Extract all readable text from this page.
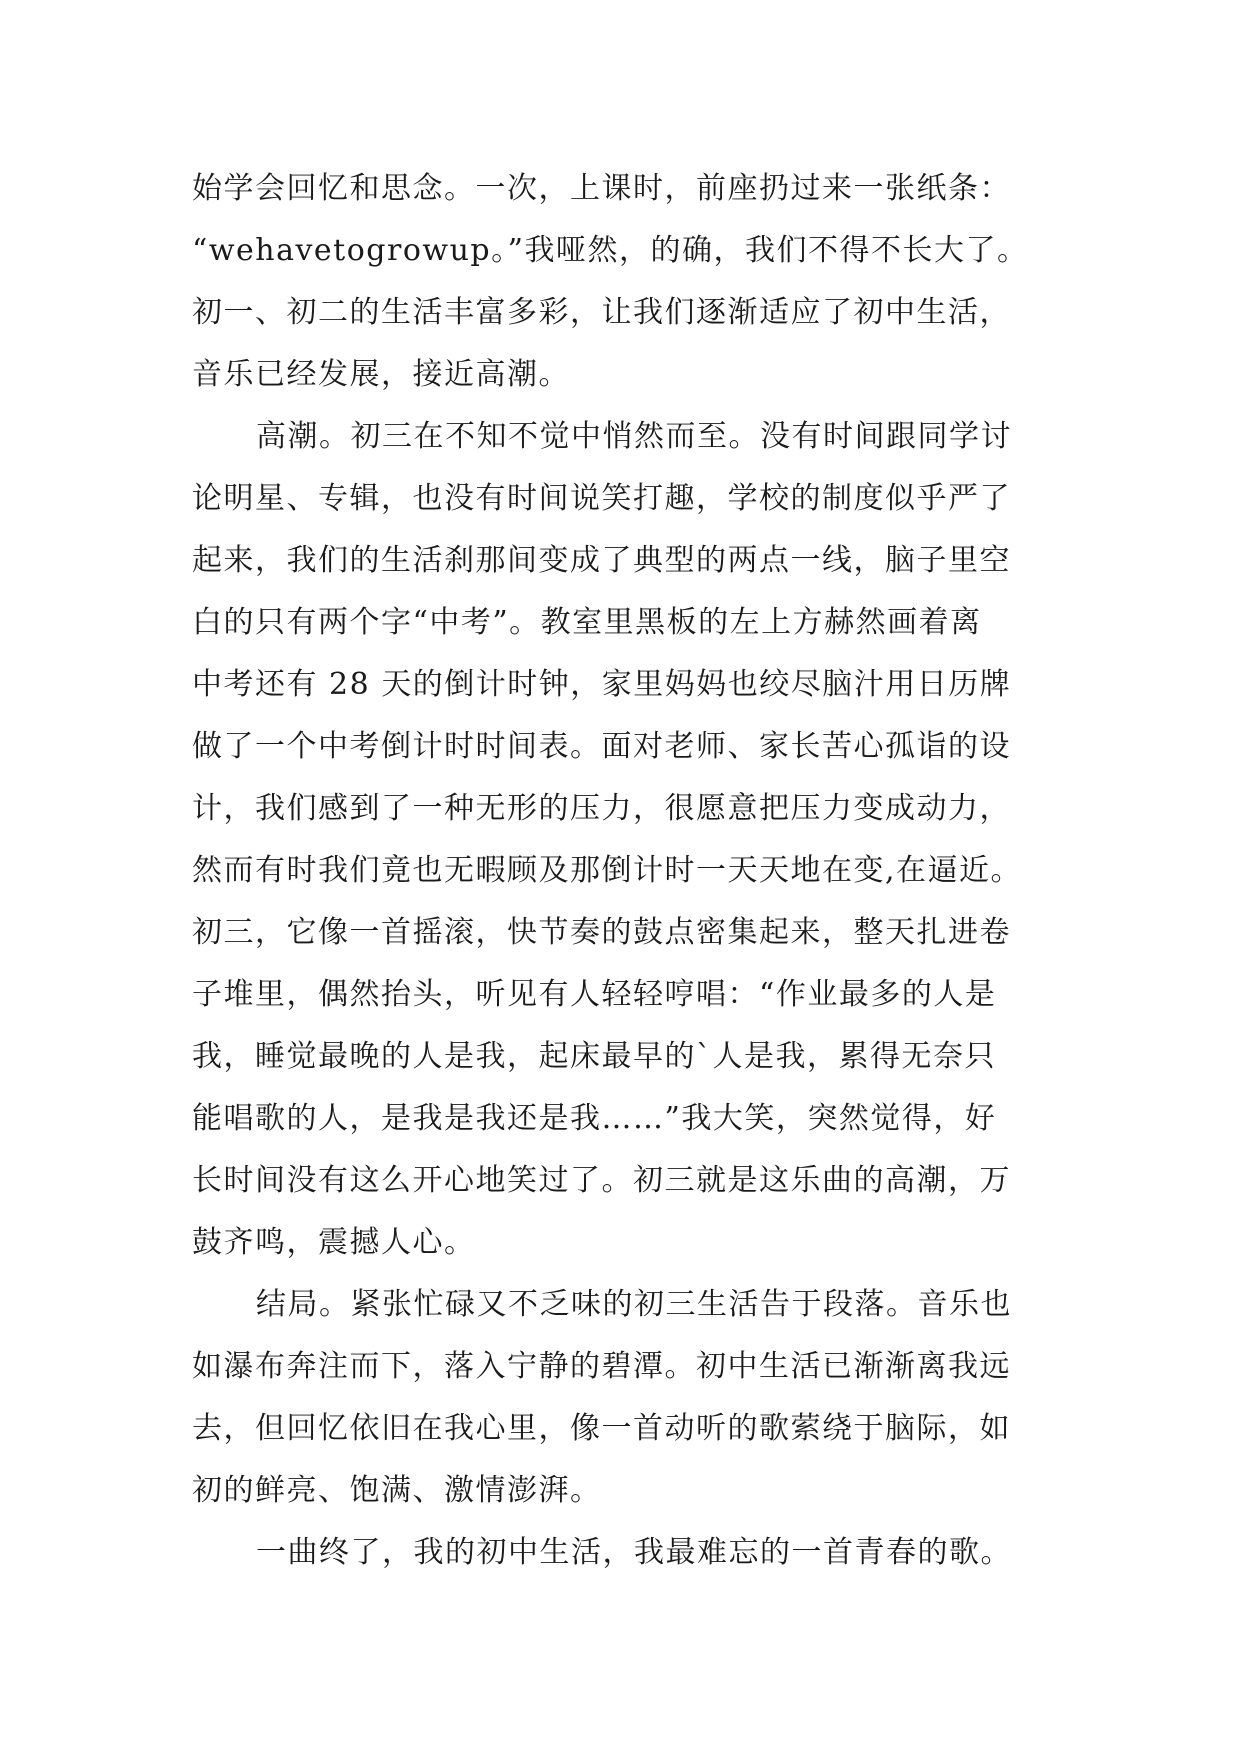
始学会回忆和思念。一次，上课时，前座扔过来一张纸条：
“wehavetogrowup。”我哑然，的确，我们不得不长大了。
初一、初二的生活丰富多彩，让我们逐渐适应了初中生活，
音乐已经发展，接近高潮。
高潮。初三在不知不觉中悄然而至。没有时间跟同学讨
论明星、专辑，也没有时间说笑打趣，学校的制度似乎严了
起来，我们的生活刹那间变成了典型的两点一线，脑子里空
白的只有两个字“中考”。教室里黑板的左上方赫然画着离
中考还有 28 天的倒计时钟，家里妈妈也绞尽脑汁用日历牌
做了一个中考倒计时时间表。面对老师、家长苦心孤诣的设
计，我们感到了一种无形的压力，很愿意把压力变成动力，
然而有时我们竟也无暇顾及那倒计时一天天地在变,在逼近。
初三，它像一首摇滚，快节奏的鼓点密集起来，整天扎进卷
子堆里，偶然抬头，听见有人轻轻哼唱：“作业最多的人是
我，睡觉最晚的人是我，起床最早的`人是我，累得无奈只
能唱歌的人，是我是我还是我……”我大笑，突然觉得，好
长时间没有这么开心地笑过了。初三就是这乐曲的高潮，万
鼓齐鸣，震撼人心。
结局。紧张忙碌又不乏味的初三生活告于段落。音乐也
如瀑布奔注而下，落入宁静的碧潭。初中生活已渐渐离我远
去，但回忆依旧在我心里，像一首动听的歌萦绕于脑际，如
初的鲜亮、饱满、激情澎湃。
一曲终了，我的初中生活，我最难忘的一首青春的歌。
